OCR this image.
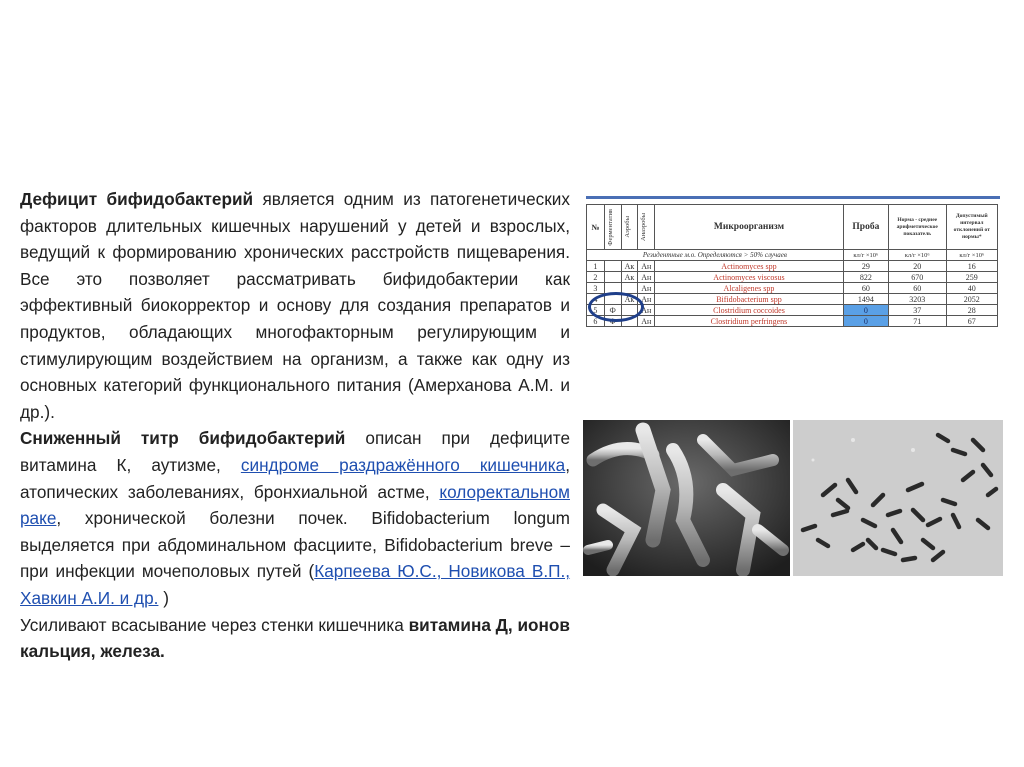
Дефицит бифидобактерий является одним из патогенетических факторов длительных кишечных нарушений у детей и взрослых, ведущий к формированию хронических расстройств пищеварения. Все это позволяет рассматривать бифидобактерии как эффективный биокорректор и основу для создания препаратов и продуктов, обладающих многофакторным регулирующим и стимулирующим воздействием на организм, а также как одну из основных категорий функционального питания (Амерханова А.М. и др.).

Сниженный титр бифидобактерий описан при дефиците витамина К, аутизме, синдроме раздражённого кишечника, атопических заболеваниях, бронхиальной астме, колоректальном раке, хронической болезни почек. Bifidobacterium longum выделяется при абдоминальном фасциите, Bifidobacterium breve – при инфекции мочеполовых путей (Карпеева Ю.С., Новикова В.П., Хавкин А.И. и др. )

Усиливают всасывание через стенки кишечника витамина Д, ионов кальция, железа.

№	Ферментатив	Аэробы	Анаэробы	Микроорганизм	Проба	Норма - среднее арифметическое показатель	Допустимый интервал отклонений от нормы*
Резидентные м.о. Определяются > 50% случаев					кл/г ×10⁶	кл/г ×10⁶	кл/г ×10⁶
1		Ак	Ан	Actinomyces spp	29	20	16
2		Ак	Ан	Actinomyces viscosus	822	670	259
3			Ан	Alcaligenes spp	60	60	40
4		Ак	Ан	Bifidobacterium spp	1494	3203	2052
5	Ф		Ан	Clostridium coccoides	0	37	28
6	Ф		Ан	Clostridium perfringens	0	71	67
